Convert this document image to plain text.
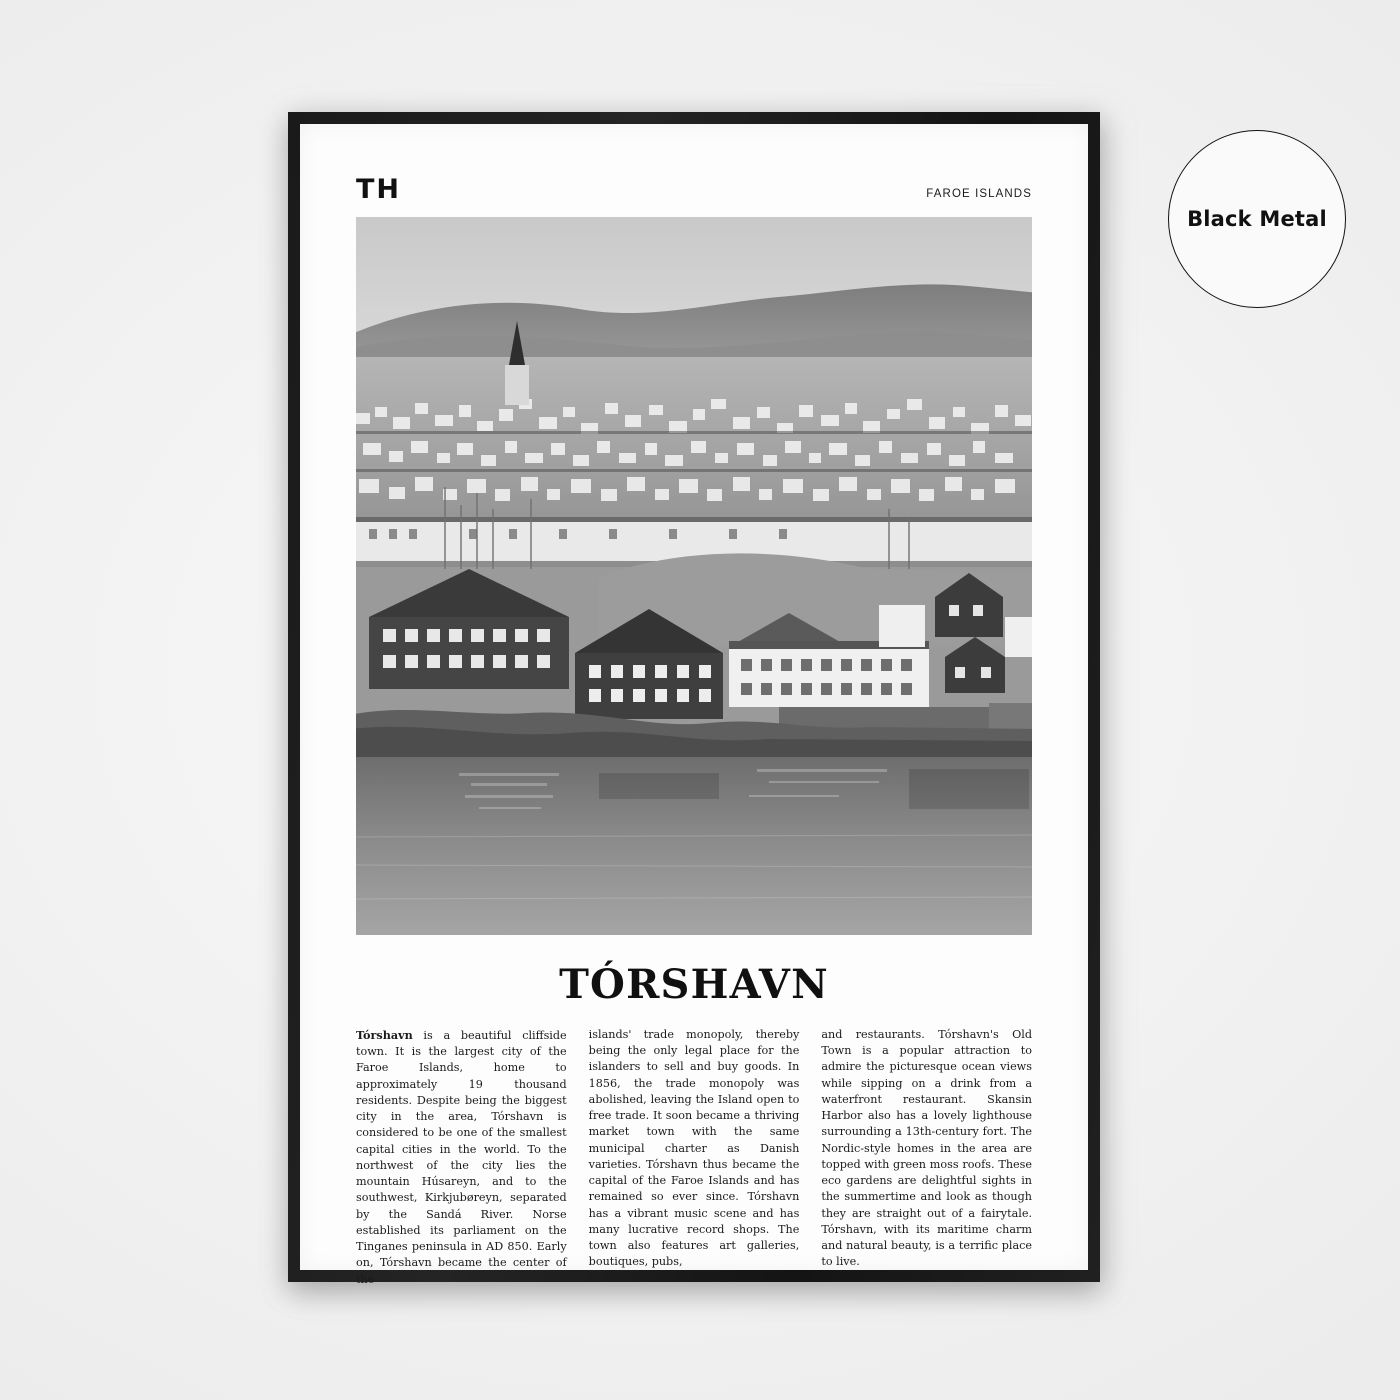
TH	FAROE ISLANDS
TÓRSHAVN
Tórshavn is a beautiful cliffside town. It is the largest city of the Faroe Islands, home to approximately 19 thousand residents. Despite being the biggest city in the area, Tórshavn is considered to be one of the smallest capital cities in the world. To the northwest of the city lies the mountain Húsareyn, and to the southwest, Kirkjubøreyn, separated by the Sandá River. Norse established its parliament on the Tinganes peninsula in AD 850. Early on, Tórshavn became the center of the
islands' trade monopoly, thereby being the only legal place for the islanders to sell and buy goods. In 1856, the trade monopoly was abolished, leaving the Island open to free trade. It soon became a thriving market town with the same municipal charter as Danish varieties. Tórshavn thus became the capital of the Faroe Islands and has remained so ever since. Tórshavn has a vibrant music scene and has many lucrative record shops. The town also features art galleries, boutiques, pubs,
and restaurants. Tórshavn's Old Town is a popular attraction to admire the picturesque ocean views while sipping on a drink from a waterfront restaurant. Skansin Harbor also has a lovely lighthouse surrounding a 13th-century fort. The Nordic-style homes in the area are topped with green moss roofs. These eco gardens are delightful sights in the summertime and look as though they are straight out of a fairytale. Tórshavn, with its maritime charm and natural beauty, is a terrific place to live.
Black Metal
